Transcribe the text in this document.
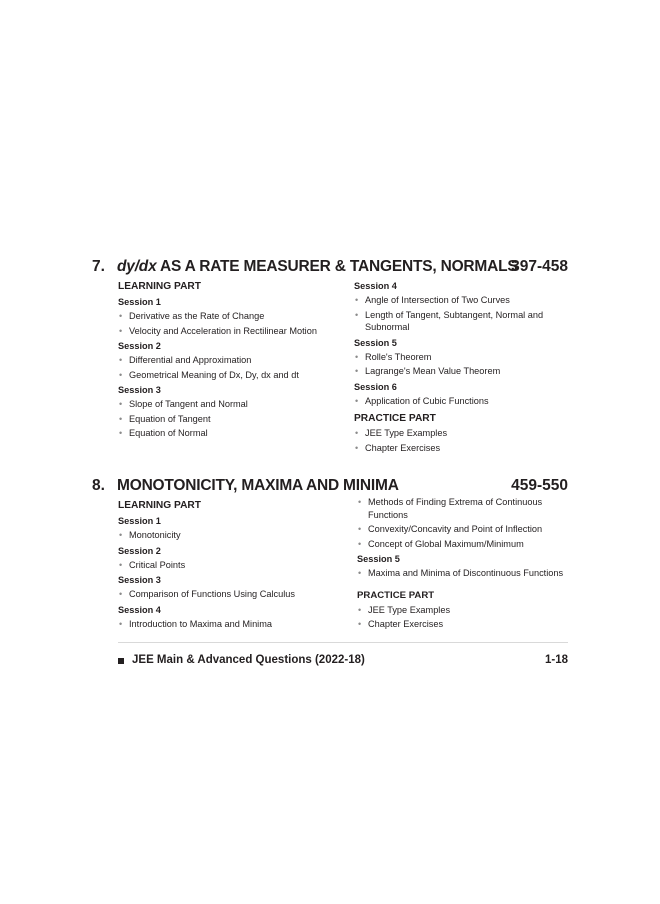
7. dy/dx AS A RATE MEASURER & TANGENTS, NORMALS
397-458
LEARNING PART
Session 1
• Derivative as the Rate of Change
• Velocity and Acceleration in Rectilinear Motion
Session 2
• Differential and Approximation
• Geometrical Meaning of Dx, Dy, dx and dt
Session 3
• Slope of Tangent and Normal
• Equation of Tangent
• Equation of Normal
Session 4
• Angle of Intersection of Two Curves
• Length of Tangent, Subtangent, Normal and Subnormal
Session 5
• Rolle's Theorem
• Lagrange's Mean Value Theorem
Session 6
• Application of Cubic Functions
PRACTICE PART
• JEE Type Examples
• Chapter Exercises
8. MONOTONICITY, MAXIMA AND MINIMA	459-550
LEARNING PART
Session 1
• Monotonicity
Session 2
• Critical Points
Session 3
• Comparison of Functions Using Calculus
Session 4
• Introduction to Maxima and Minima
• Methods of Finding Extrema of Continuous Functions
• Convexity/Concavity and Point of Inflection
• Concept of Global Maximum/Minimum
Session 5
• Maxima and Minima of Discontinuous Functions
PRACTICE PART
• JEE Type Examples
• Chapter Exercises
JEE Main & Advanced Questions (2022-18)	1-18
